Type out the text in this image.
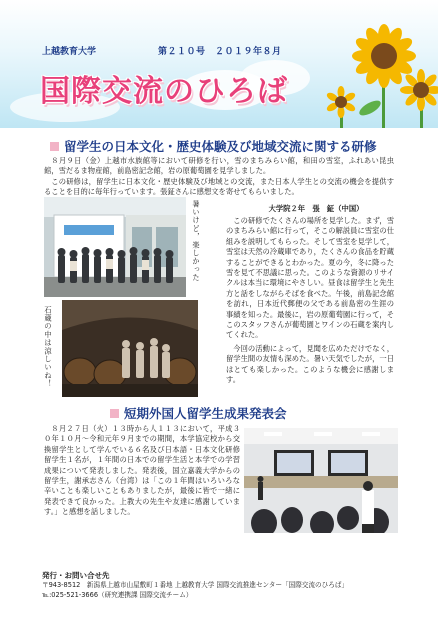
上越教育大学	第２１０号　２０１９年８月
国際交流のひろば
留学生の日本文化・歴史体験及び地域交流に関する研修
８月９日（金）上越市水族館等において研修を行い，雪のまちみらい館，和田の雪室，ふれあい昆虫館，雪だるま物産館，前島密記念館，岩の原葡萄園を見学しました。
この研修は，留学生に日本文化・歴史体験及び地域との交流，また日本人学生との交流の機会を提供することを目的に毎年行っています。張鉦さんに感想文を寄せてもらいました。
暑いけど，楽しかった
石蔵の中は涼しいね！
大学院２年　張　鉦（中国）
この研修でたくさんの場所を見学した。まず，雪のまちみらい館に行って，そこの解説員に雪室の仕組みを説明してもらった。そして雪室を見学して，雪室は天然の冷蔵庫であり，たくさんの食品を貯蔵することができるとわかった。夏の今，冬に降った雪を見て不思議に思った。このような資源のリサイクルは本当に環境にやさしい。昼食は留学生と先生方と話をしながらそばを食べた。午後，前島記念館を訪れ，日本近代郵便の父である前島密の生涯の事績を知った。最後に，岩の原葡萄園に行って，そこのスタッフさんが葡萄園とワインの石蔵を案内してくれた。
今回の活動によって，見聞を広めただけでなく，留学生間の友情も深めた。暑い天気でしたが，一日はとても楽しかった。このような機会に感謝します。
短期外国人留学生成果発表会
８月２７日（火）１３時から人１１３において，平成３０年１０月〜令和元年９月までの期間，本学協定校から交換留学生として学んでいる６名及び日本語・日本文化研修留学生１名が，１年間の日本での留学生活と本学での学習成果について発表しました。発表後，国立嘉義大学からの留学生，謝承志さん（台湾）は「この１年間はいろいろな辛いことも楽しいこともありましたが，最後に皆で一緒に発表できて良かった。上教大の先生や友達に感謝しています。」と感想を話しました。
発行・お問い合せ先
〒943-8512　新潟県上越市山屋敷町１番地 上越教育大学 国際交流推進センター「国際交流のひろば」
℡:025-521-3666（研究連携課 国際交流チーム）
